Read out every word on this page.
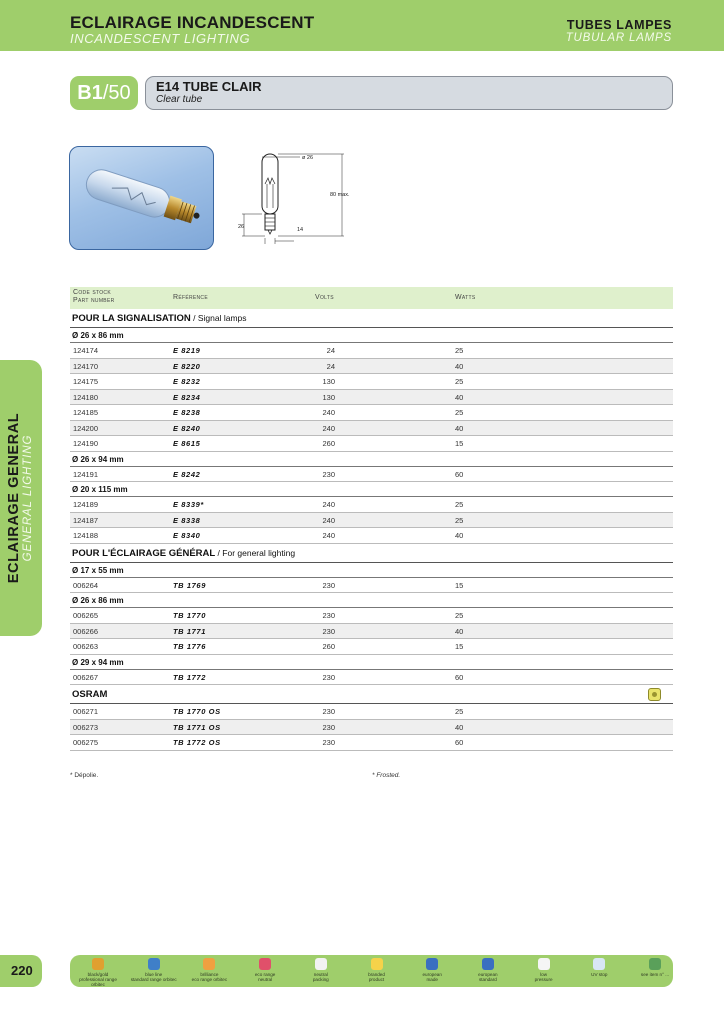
ECLAIRAGE INCANDESCENT
INCANDESCENT LIGHTING
TUBES LAMPES
TUBULAR LAMPS
B1/50	E14 TUBE CLAIR
Clear tube
ø 26
80 max.
26	14
Code stock
Part number	Référence	Volts	Watts
POUR LA SIGNALISATION / Signal lamps
Ø 26 x 86 mm
124174	E 8219	24	25
124170	E 8220	24	40
124175	E 8232	130	25
124180	E 8234	130	40
124185	E 8238	240	25
124200	E 8240	240	40
124190	E 8615	260	15
Ø 26 x 94 mm
124191	E 8242	230	60
Ø 20 x 115 mm
124189	E 8339*	240	25
124187	E 8338	240	25
124188	E 8340	240	40
POUR L'ÉCLAIRAGE GÉNÉRAL / For general lighting
Ø 17 x 55 mm
006264	TB 1769	230	15
Ø 26 x 86 mm
006265	TB 1770	230	25
006266	TB 1771	230	40
006263	TB 1776	260	15
Ø 29 x 94 mm
006267	TB 1772	230	60
OSRAM
006271	TB 1770 OS	230	25
006273	TB 1771 OS	230	40
006275	TB 1772 OS	230	60
* Dépolie.	* Frosted.
ECLAIRAGE GENERAL GENERAL LIGHTING
220	black/gold
professional range orbitec
blue line
standard range orbitec
brilliance
eco range orbitec
eco range
neutral
neutral
packing
branded
product
european
made
european
standard
low
pressure
UV stop	see item n° ...
